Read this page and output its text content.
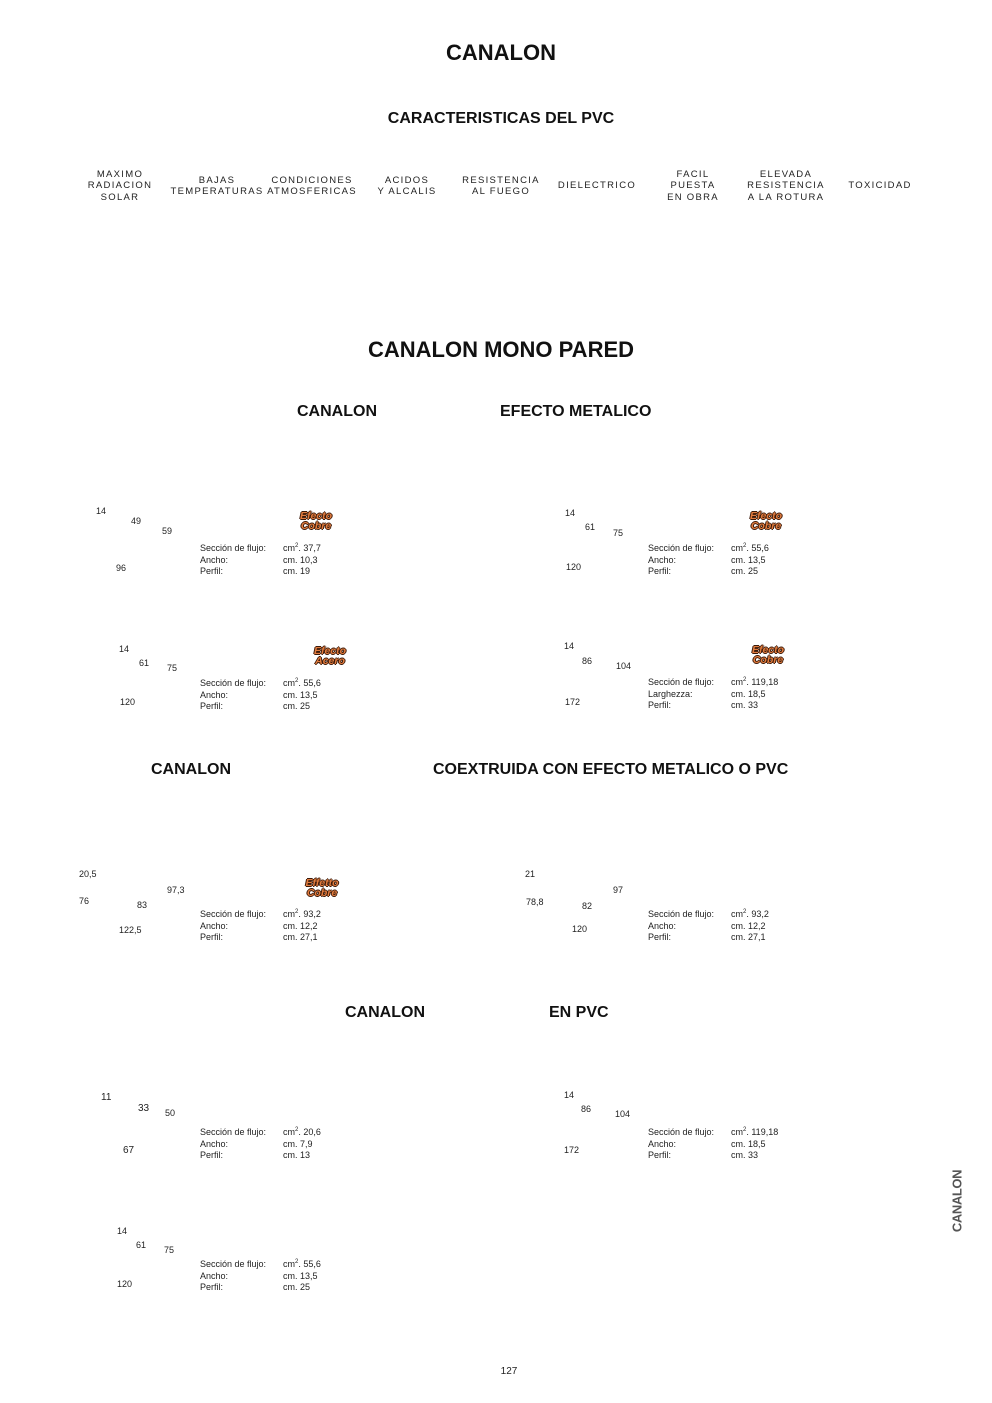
CANALON
CARACTERISTICAS DEL PVC
MAXIMO
RADIACION
SOLAR
BAJAS
TEMPERATURAS
CONDICIONES
ATMOSFERICAS
ACIDOS
Y ALCALIS
RESISTENCIA
AL FUEGO
DIELECTRICO
FACIL
PUESTA
EN OBRA
ELEVADA
RESISTENCIA
A LA ROTURA
TOXICIDAD
CANALON MONO PARED
CANALON	EFECTO METALICO
14
49
59
96
Efecto
Cobre
Sección de flujo:	$cm^2$. 37,7
Ancho:	cm. 10,3
Perfil:	cm. 19
14
61
75
120
Efecto
Cobre
Sección de flujo:	$cm^2$. 55,6
Ancho:	cm. 13,5
Perfil:	cm. 25
14
61 75
120
Efecto
Acero
Sección de flujo:	$cm^2$. 55,6
Ancho:	cm. 13,5
Perfil:	cm. 25
14
86	104
172
Efecto
Cobre
Sección de flujo:	$cm^2$. 119,18
Larghezza:	cm. 18,5
Perfil:	cm. 33
CANALON	COEXTRUIDA CON EFECTO METALICO O PVC
20,5
97,3
76	83
122,5
Effetto
Cobre
Sección de flujo:	$cm^2$. 93,2
Ancho:	cm. 12,2
Perfil:	cm. 27,1
21
97
78,8	82
120
Sección de flujo:	$cm^2$. 93,2
Ancho:	cm. 12,2
Perfil:	cm. 27,1
CANALON	EN PVC
11
33 50
67
Sección de flujo:	$cm^2$. 20,6
Ancho:	cm. 7,9
Perfil:	cm. 13
14
86	104
172
Sección de flujo:	$cm^2$. 119,18
Ancho:	cm. 18,5
Perfil:	cm. 33
14
61 75
120
Sección de flujo:	$cm^2$. 55,6
Ancho:	cm. 13,5
Perfil:	cm. 25
CANALON
127
